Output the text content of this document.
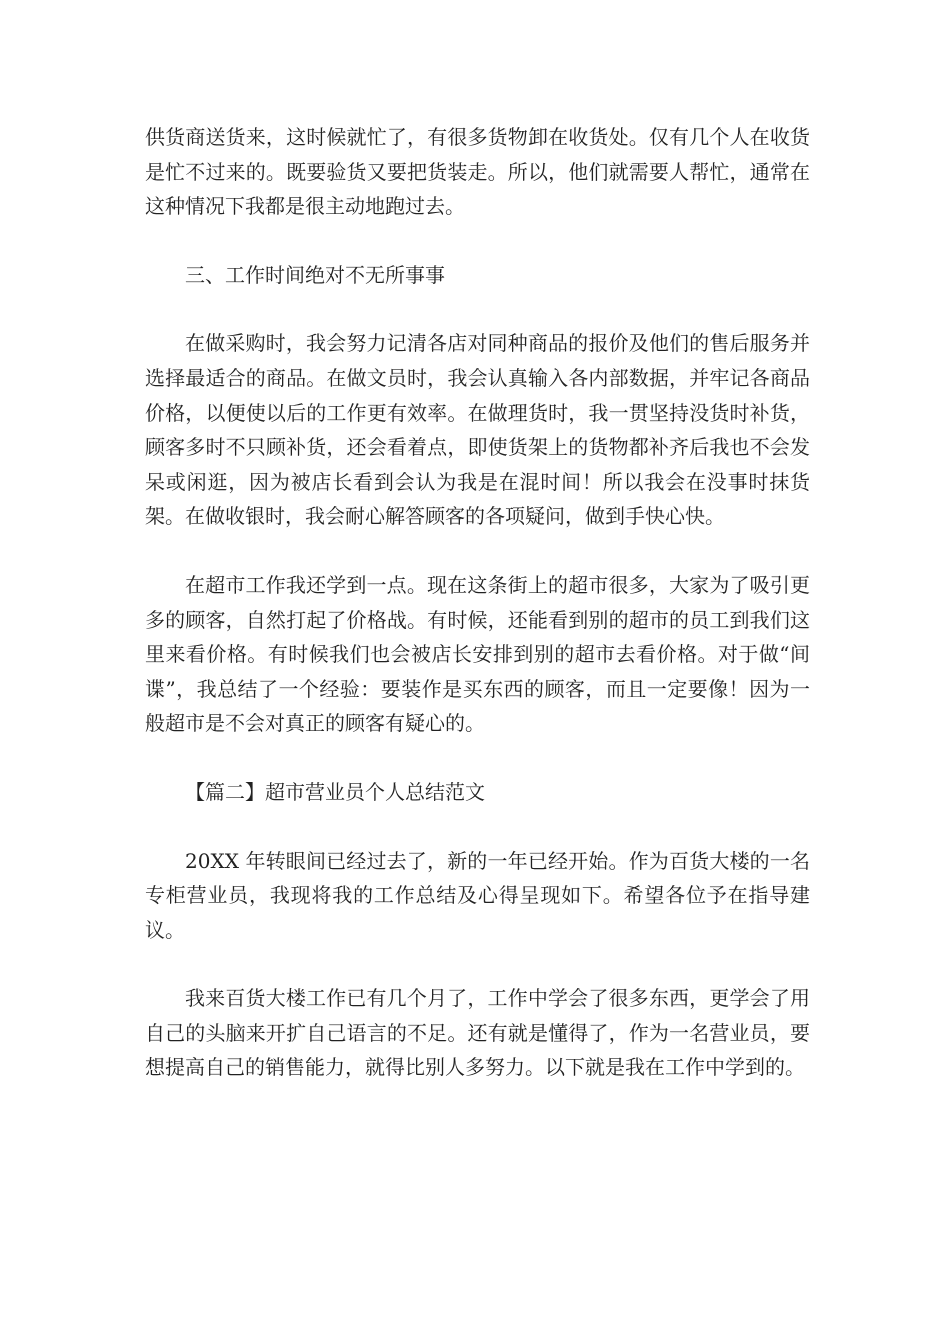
供货商送货来，这时候就忙了，有很多货物卸在收货处。仅有几个人在收货是忙不过来的。既要验货又要把货装走。所以，他们就需要人帮忙，通常在这种情况下我都是很主动地跑过去。

三、工作时间绝对不无所事事

在做采购时，我会努力记清各店对同种商品的报价及他们的售后服务并选择最适合的商品。在做文员时，我会认真输入各内部数据，并牢记各商品价格，以便使以后的工作更有效率。在做理货时，我一贯坚持没货时补货，顾客多时不只顾补货，还会看着点，即使货架上的货物都补齐后我也不会发呆或闲逛，因为被店长看到会认为我是在混时间！所以我会在没事时抹货架。在做收银时，我会耐心解答顾客的各项疑问，做到手快心快。

在超市工作我还学到一点。现在这条街上的超市很多，大家为了吸引更多的顾客，自然打起了价格战。有时候，还能看到别的超市的员工到我们这里来看价格。有时候我们也会被店长安排到别的超市去看价格。对于做“间谍”，我总结了一个经验：要装作是买东西的顾客，而且一定要像！因为一般超市是不会对真正的顾客有疑心的。

【篇二】超市营业员个人总结范文

20XX 年转眼间已经过去了，新的一年已经开始。作为百货大楼的一名专柜营业员，我现将我的工作总结及心得呈现如下。希望各位予在指导建议。

我来百货大楼工作已有几个月了，工作中学会了很多东西，更学会了用自己的头脑来开扩自己语言的不足。还有就是懂得了，作为一名营业员，要想提高自己的销售能力，就得比别人多努力。以下就是我在工作中学到的。
